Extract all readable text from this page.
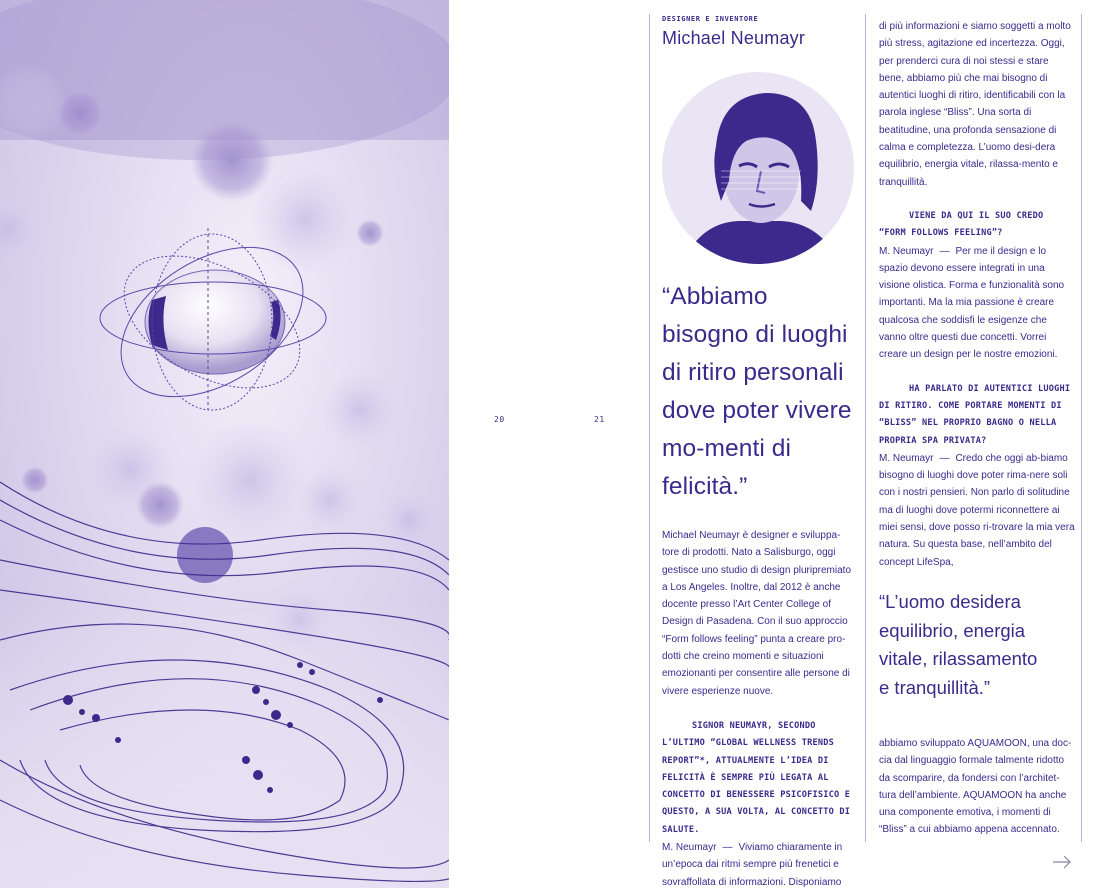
20	21
DESIGNER E INVENTORE
Michael Neumayr

“Abbiamo bisogno di luoghi di ritiro personali dove poter vivere mo-menti di felicità.”

Michael Neumayr è designer e sviluppa-tore di prodotti. Nato a Salisburgo, oggi gestisce uno studio di design pluripremiato a Los Angeles. Inoltre, dal 2012 è anche docente presso l’Art Center College of Design di Pasadena. Con il suo approccio “Form follows feeling” punta a creare pro-dotti che creino momenti e situazioni emozionanti per consentire alle persone di vivere esperienze nuove.

SIGNOR NEUMAYR, SECONDO L’ULTIMO “GLOBAL WELLNESS TRENDS REPORT”*, ATTUALMENTE L’IDEA DI FELICITÀ È SEMPRE PIÙ LEGATA AL CONCETTO DI BENESSERE PSICOFISICO E QUESTO, A SUA VOLTA, AL CONCETTO DI SALUTE.

M. Neumayr — Viviamo chiaramente in un’epoca dai ritmi sempre più frenetici e sovraffollata di informazioni. Disponiamo

di più informazioni e siamo soggetti a molto più stress, agitazione ed incertezza. Oggi, per prenderci cura di noi stessi e stare bene, abbiamo più che mai bisogno di autentici luoghi di ritiro, identificabili con la parola inglese “Bliss”. Una sorta di beatitudine, una profonda sensazione di calma e completezza. L’uomo desi-dera equilibrio, energia vitale, rilassa-mento e tranquillità.

VIENE DA QUI IL SUO CREDO “FORM FOLLOWS FEELING”?

M. Neumayr — Per me il design e lo spazio devono essere integrati in una visione olistica. Forma e funzionalità sono importanti. Ma la mia passione è creare qualcosa che soddisfi le esigenze che vanno oltre questi due concetti. Vorrei creare un design per le nostre emozioni.

HA PARLATO DI AUTENTICI LUOGHI DI RITIRO. COME PORTARE MOMENTI DI “BLISS” NEL PROPRIO BAGNO O NELLA PROPRIA SPA PRIVATA?

M. Neumayr — Credo che oggi ab-biamo bisogno di luoghi dove poter rima-nere soli con i nostri pensieri. Non parlo di solitudine ma di luoghi dove potermi riconnettere ai miei sensi, dove posso ri-trovare la mia vera natura. Su questa base, nell’ambito del concept LifeSpa,

“L’uomo desidera equilibrio, energia vitale, rilassamento e tranquillità.”

abbiamo sviluppato AQUAMOON, una doc-cia dal linguaggio formale talmente ridotto da scomparire, da fondersi con l’architet-tura dell’ambiente. AQUAMOON ha anche una componente emotiva, i momenti di “Bliss” a cui abbiamo appena accennato.
